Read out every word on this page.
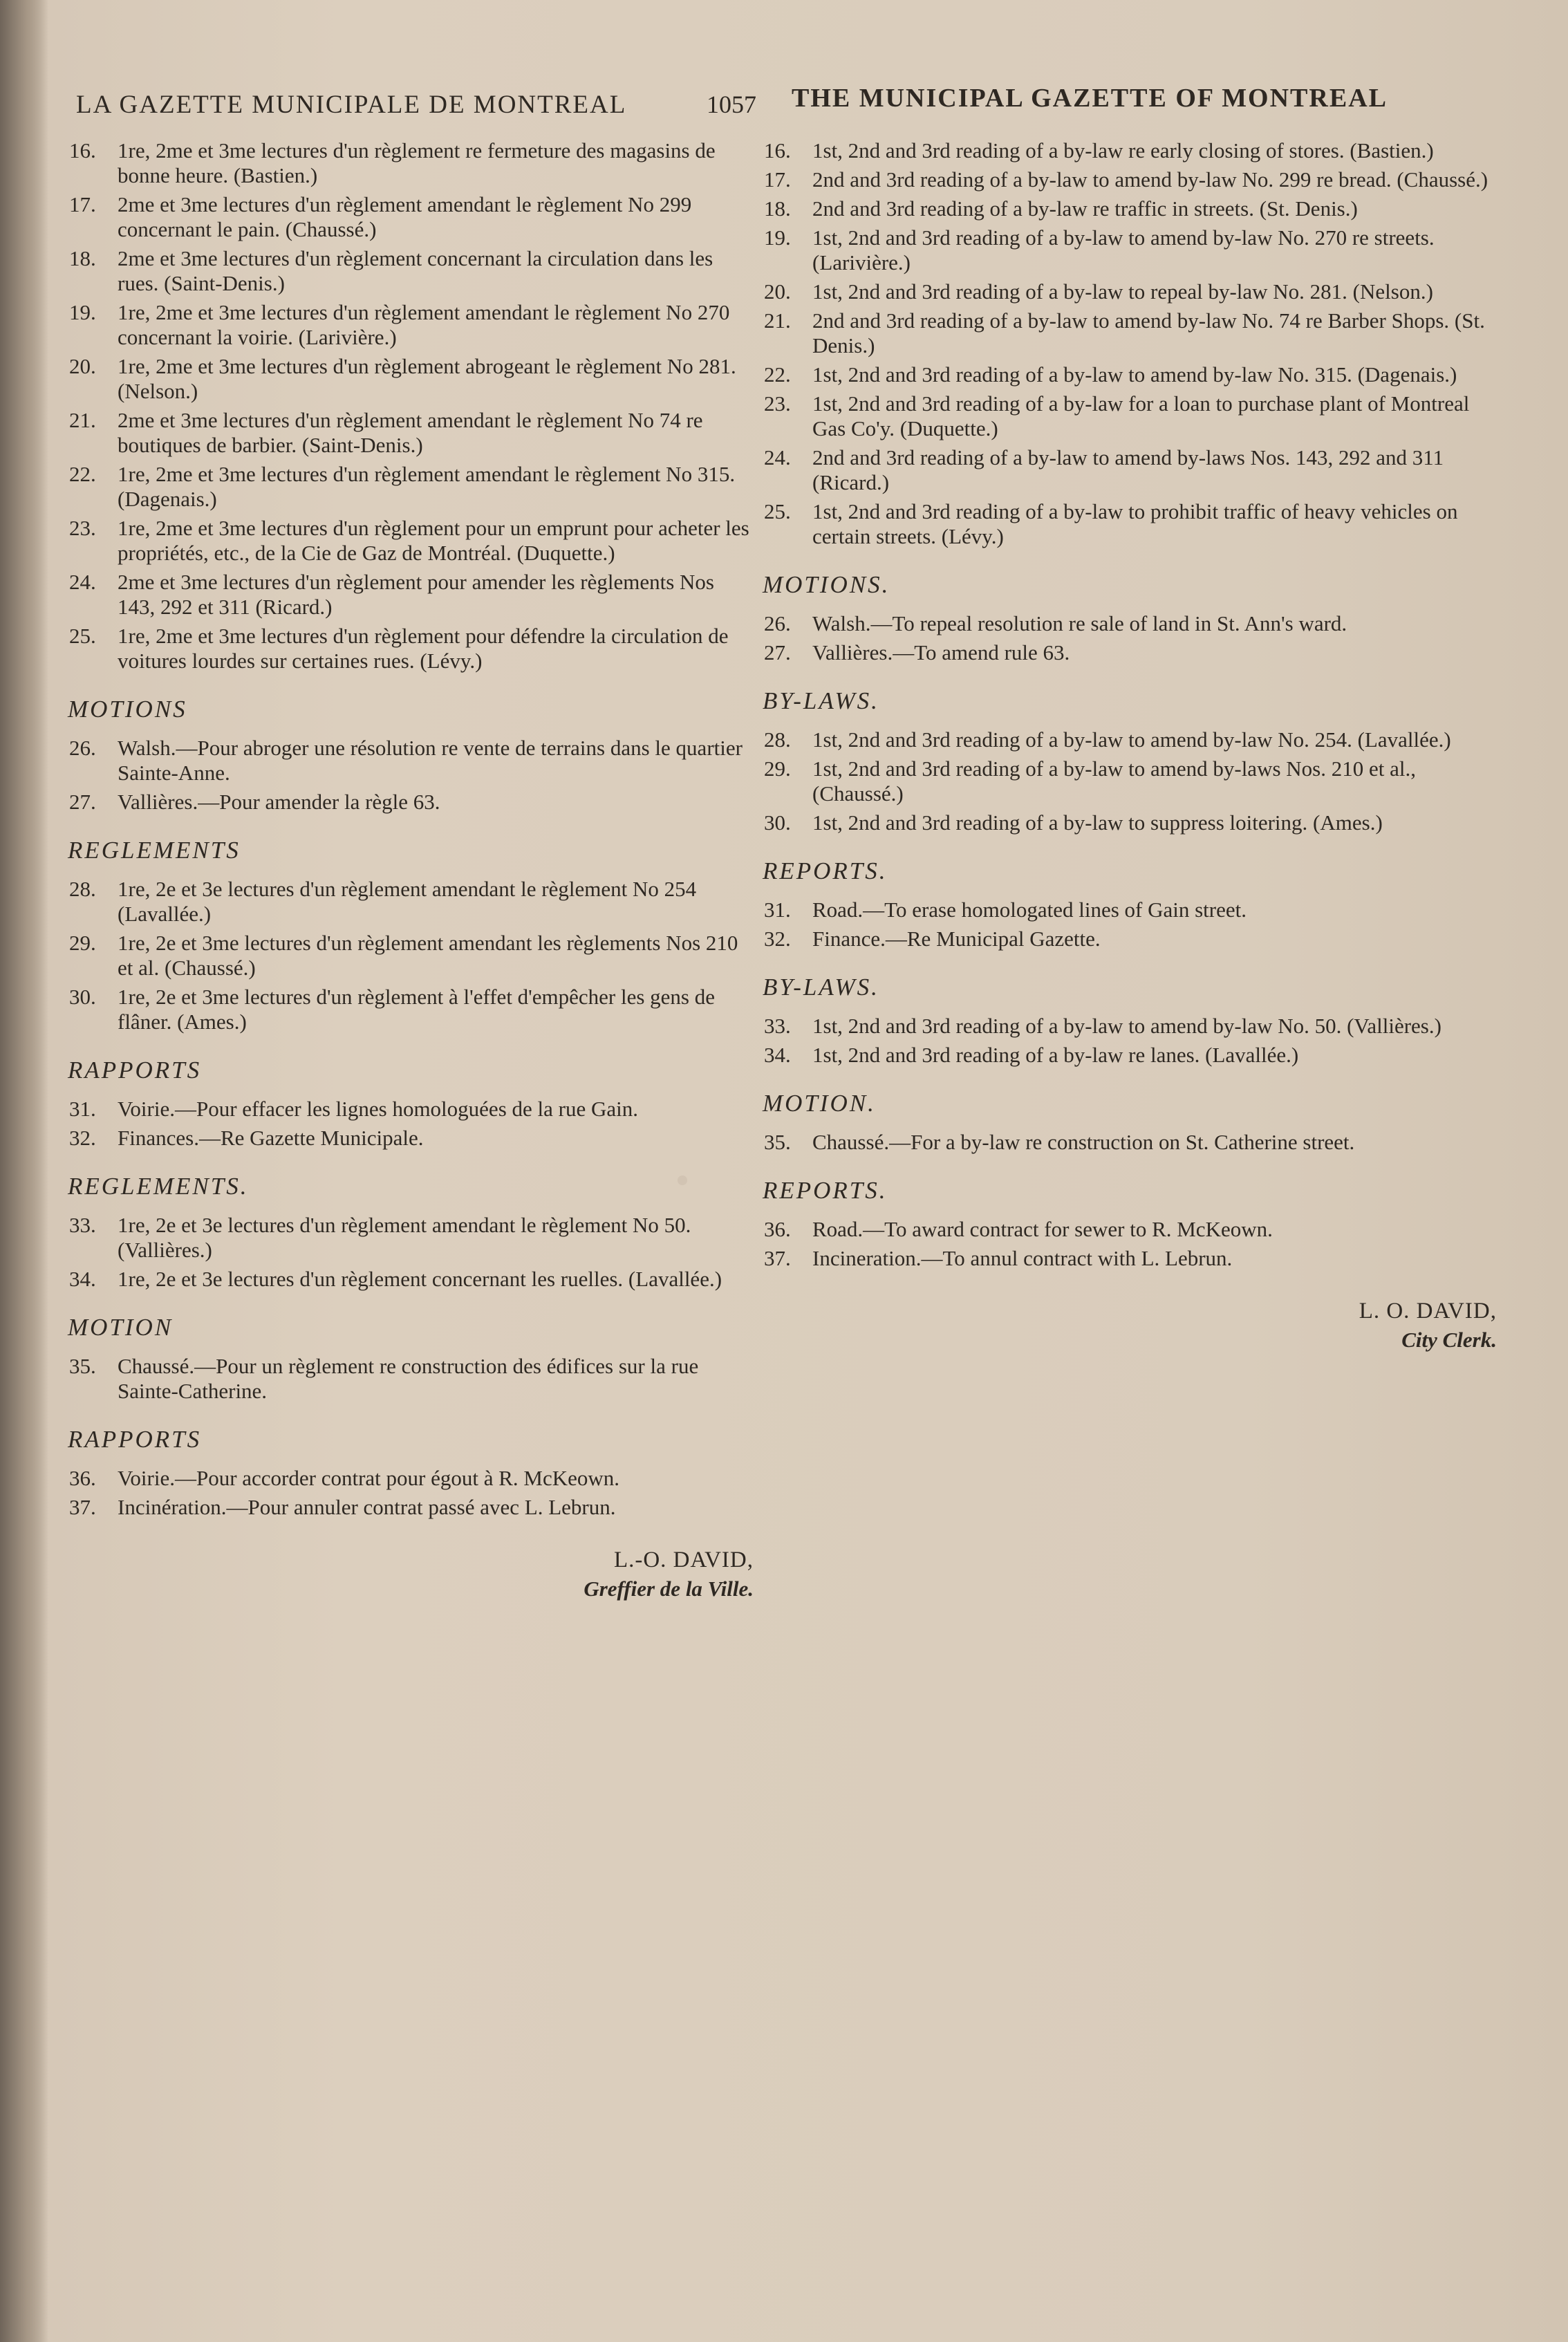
LA GAZETTE MUNICIPALE DE MONTREAL	1057 THE MUNICIPAL GAZETTE OF MONTREAL
16. 1re, 2me et 3me lectures d'un règlement re fermeture des magasins de bonne heure. (Bastien.)
17. 2me et 3me lectures d'un règlement amendant le règlement No 299 concernant le pain. (Chaussé.)
18. 2me et 3me lectures d'un règlement concernant la circulation dans les rues. (Saint-Denis.)
19. 1re, 2me et 3me lectures d'un règlement amendant le règlement No 270 concernant la voirie. (Larivière.)
20. 1re, 2me et 3me lectures d'un règlement abrogeant le règlement No 281. (Nelson.)
21. 2me et 3me lectures d'un règlement amendant le règlement No 74 re boutiques de barbier. (Saint-Denis.)
22. 1re, 2me et 3me lectures d'un règlement amendant le règlement No 315. (Dagenais.)
23. 1re, 2me et 3me lectures d'un règlement pour un emprunt pour acheter les propriétés, etc., de la Cie de Gaz de Montréal. (Duquette.)
24. 2me et 3me lectures d'un règlement pour amender les règlements Nos 143, 292 et 311 (Ricard.)
25. 1re, 2me et 3me lectures d'un règlement pour défendre la circulation de voitures lourdes sur certaines rues. (Lévy.)
MOTIONS
26. Walsh.—Pour abroger une résolution re vente de terrains dans le quartier Sainte-Anne.
27. Vallières.—Pour amender la règle 63.
REGLEMENTS
28. 1re, 2e et 3e lectures d'un règlement amendant le règlement No 254 (Lavallée.)
29. 1re, 2e et 3me lectures d'un règlement amendant les règlements Nos 210 et al. (Chaussé.)
30. 1re, 2e et 3me lectures d'un règlement à l'effet d'empêcher les gens de flâner. (Ames.)
RAPPORTS
31. Voirie.—Pour effacer les lignes homologuées de la rue Gain.
32. Finances.—Re Gazette Municipale.
REGLEMENTS.
33. 1re, 2e et 3e lectures d'un règlement amendant le règlement No 50. (Vallières.)
34. 1re, 2e et 3e lectures d'un règlement concernant les ruelles. (Lavallée.)
MOTION
35. Chaussé.—Pour un règlement re construction des édifices sur la rue Sainte-Catherine.
RAPPORTS
36. Voirie.—Pour accorder contrat pour égout à R. McKeown.
37. Incinération.—Pour annuler contrat passé avec L. Lebrun.
L.-O. DAVID,
Greffier de la Ville.
16. 1st, 2nd and 3rd reading of a by-law re early closing of stores. (Bastien.)
17. 2nd and 3rd reading of a by-law to amend by-law No. 299 re bread. (Chaussé.)
18. 2nd and 3rd reading of a by-law re traffic in streets. (St. Denis.)
19. 1st, 2nd and 3rd reading of a by-law to amend by-law No. 270 re streets. (Larivière.)
20. 1st, 2nd and 3rd reading of a by-law to repeal by-law No. 281. (Nelson.)
21. 2nd and 3rd reading of a by-law to amend by-law No. 74 re Barber Shops. (St. Denis.)
22. 1st, 2nd and 3rd reading of a by-law to amend by-law No. 315. (Dagenais.)
23. 1st, 2nd and 3rd reading of a by-law for a loan to purchase plant of Montreal Gas Co'y. (Duquette.)
24. 2nd and 3rd reading of a by-law to amend by-laws Nos. 143, 292 and 311 (Ricard.)
25. 1st, 2nd and 3rd reading of a by-law to prohibit traffic of heavy vehicles on certain streets. (Lévy.)
MOTIONS.
26. Walsh.—To repeal resolution re sale of land in St. Ann's ward.
27. Vallières.—To amend rule 63.
BY-LAWS.
28. 1st, 2nd and 3rd reading of a by-law to amend by-law No. 254. (Lavallée.)
29. 1st, 2nd and 3rd reading of a by-law to amend by-laws Nos. 210 et al., (Chaussé.)
30. 1st, 2nd and 3rd reading of a by-law to suppress loitering. (Ames.)
REPORTS.
31. Road.—To erase homologated lines of Gain street.
32. Finance.—Re Municipal Gazette.
BY-LAWS.
33. 1st, 2nd and 3rd reading of a by-law to amend by-law No. 50. (Vallières.)
34. 1st, 2nd and 3rd reading of a by-law re lanes. (Lavallée.)
MOTION.
35. Chaussé.—For a by-law re construction on St. Catherine street.
REPORTS.
36. Road.—To award contract for sewer to R. McKeown.
37. Incineration.—To annul contract with L. Lebrun.
L. O. DAVID,
City Clerk.
